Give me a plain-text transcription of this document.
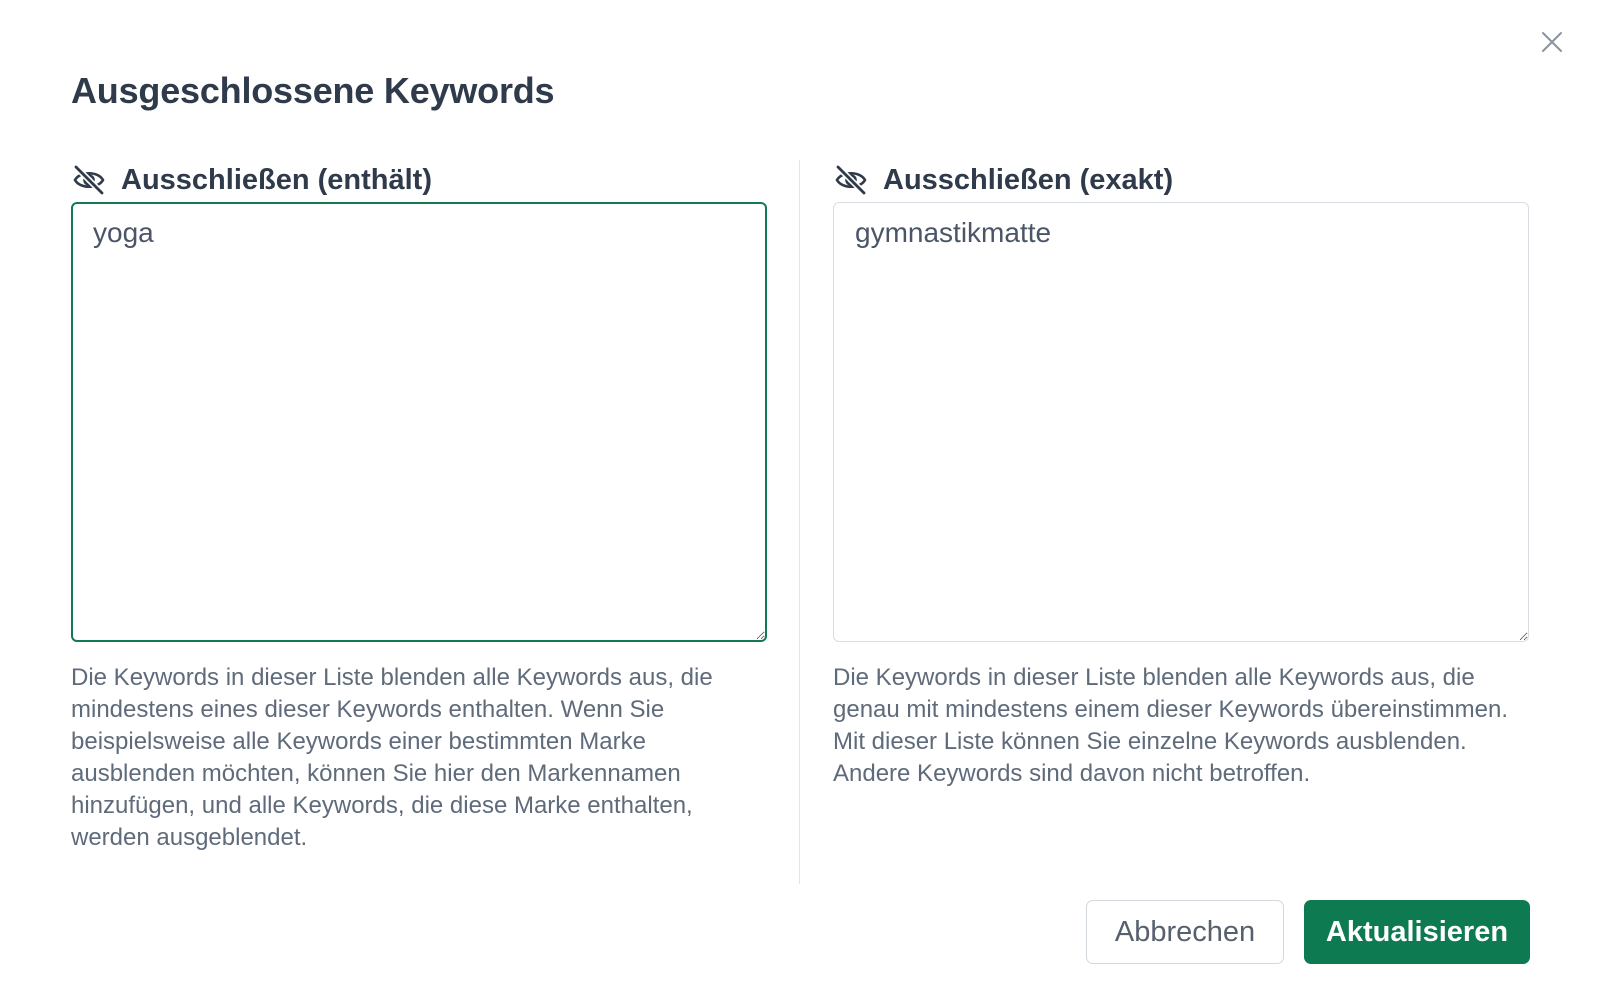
Ausgeschlossene Keywords
Ausschließen (enthält)
yoga

Die Keywords in dieser Liste blenden alle Keywords aus, die mindestens eines dieser Keywords enthalten. Wenn Sie beispielsweise alle Keywords einer bestimmten Marke ausblenden möchten, können Sie hier den Markennamen hinzufügen, und alle Keywords, die diese Marke enthalten, werden ausgeblendet.

Ausschließen (exakt)
gymnastikmatte

Die Keywords in dieser Liste blenden alle Keywords aus, die genau mit mindestens einem dieser Keywords übereinstimmen. Mit dieser Liste können Sie einzelne Keywords ausblenden. Andere Keywords sind davon nicht betroffen.

Abbrechen	Aktualisieren
